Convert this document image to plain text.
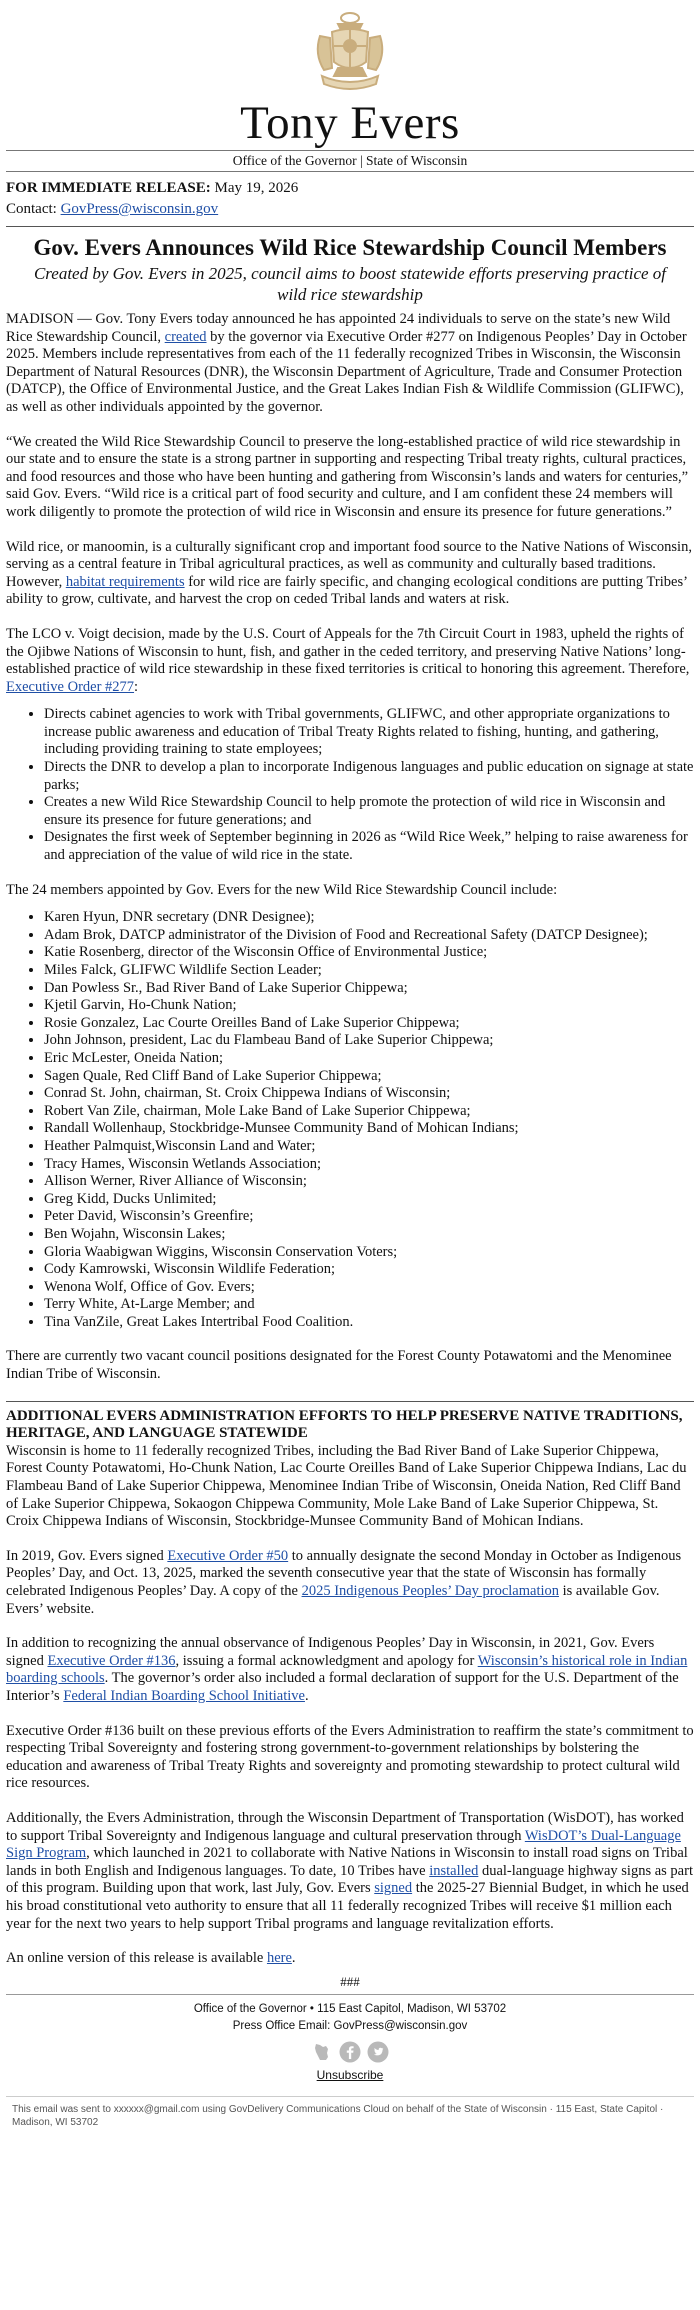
Tony Evers
Office of the Governor | State of Wisconsin
FOR IMMEDIATE RELEASE: May 19, 2026
Contact: GovPress@wisconsin.gov
Gov. Evers Announces Wild Rice Stewardship Council Members
Created by Gov. Evers in 2025, council aims to boost statewide efforts preserving practice of wild rice stewardship

MADISON — Gov. Tony Evers today announced he has appointed 24 individuals to serve on the state’s new Wild Rice Stewardship Council, created by the governor via Executive Order #277 on Indigenous Peoples’ Day in October 2025. Members include representatives from each of the 11 federally recognized Tribes in Wisconsin, the Wisconsin Department of Natural Resources (DNR), the Wisconsin Department of Agriculture, Trade and Consumer Protection (DATCP), the Office of Environmental Justice, and the Great Lakes Indian Fish & Wildlife Commission (GLIFWC), as well as other individuals appointed by the governor.

“We created the Wild Rice Stewardship Council to preserve the long-established practice of wild rice stewardship in our state and to ensure the state is a strong partner in supporting and respecting Tribal treaty rights, cultural practices, and food resources and those who have been hunting and gathering from Wisconsin’s lands and waters for centuries,” said Gov. Evers. “Wild rice is a critical part of food security and culture, and I am confident these 24 members will work diligently to promote the protection of wild rice in Wisconsin and ensure its presence for future generations.”

Wild rice, or manoomin, is a culturally significant crop and important food source to the Native Nations of Wisconsin, serving as a central feature in Tribal agricultural practices, as well as community and culturally based traditions. However, habitat requirements for wild rice are fairly specific, and changing ecological conditions are putting Tribes’ ability to grow, cultivate, and harvest the crop on ceded Tribal lands and waters at risk.

The LCO v. Voigt decision, made by the U.S. Court of Appeals for the 7th Circuit Court in 1983, upheld the rights of the Ojibwe Nations of Wisconsin to hunt, fish, and gather in the ceded territory, and preserving Native Nations’ long-established practice of wild rice stewardship in these fixed territories is critical to honoring this agreement. Therefore, Executive Order #277:

• Directs cabinet agencies to work with Tribal governments, GLIFWC, and other appropriate organizations to increase public awareness and education of Tribal Treaty Rights related to fishing, hunting, and gathering, including providing training to state employees;
• Directs the DNR to develop a plan to incorporate Indigenous languages and public education on signage at state parks;
• Creates a new Wild Rice Stewardship Council to help promote the protection of wild rice in Wisconsin and ensure its presence for future generations; and
• Designates the first week of September beginning in 2026 as “Wild Rice Week,” helping to raise awareness for and appreciation of the value of wild rice in the state.

The 24 members appointed by Gov. Evers for the new Wild Rice Stewardship Council include:

• Karen Hyun, DNR secretary (DNR Designee);
• Adam Brok, DATCP administrator of the Division of Food and Recreational Safety (DATCP Designee);
• Katie Rosenberg, director of the Wisconsin Office of Environmental Justice;
• Miles Falck, GLIFWC Wildlife Section Leader;
• Dan Powless Sr., Bad River Band of Lake Superior Chippewa;
• Kjetil Garvin, Ho-Chunk Nation;
• Rosie Gonzalez, Lac Courte Oreilles Band of Lake Superior Chippewa;
• John Johnson, president, Lac du Flambeau Band of Lake Superior Chippewa;
• Eric McLester, Oneida Nation;
• Sagen Quale, Red Cliff Band of Lake Superior Chippewa;
• Conrad St. John, chairman, St. Croix Chippewa Indians of Wisconsin;
• Robert Van Zile, chairman, Mole Lake Band of Lake Superior Chippewa;
• Randall Wollenhaup, Stockbridge-Munsee Community Band of Mohican Indians;
• Heather Palmquist,Wisconsin Land and Water;
• Tracy Hames, Wisconsin Wetlands Association;
• Allison Werner, River Alliance of Wisconsin;
• Greg Kidd, Ducks Unlimited;
• Peter David, Wisconsin’s Greenfire;
• Ben Wojahn, Wisconsin Lakes;
• Gloria Waabigwan Wiggins, Wisconsin Conservation Voters;
• Cody Kamrowski, Wisconsin Wildlife Federation;
• Wenona Wolf, Office of Gov. Evers;
• Terry White, At-Large Member; and
• Tina VanZile, Great Lakes Intertribal Food Coalition.

There are currently two vacant council positions designated for the Forest County Potawatomi and the Menominee Indian Tribe of Wisconsin.

ADDITIONAL EVERS ADMINISTRATION EFFORTS TO HELP PRESERVE NATIVE TRADITIONS, HERITAGE, AND LANGUAGE STATEWIDE

Wisconsin is home to 11 federally recognized Tribes, including the Bad River Band of Lake Superior Chippewa, Forest County Potawatomi, Ho-Chunk Nation, Lac Courte Oreilles Band of Lake Superior Chippewa Indians, Lac du Flambeau Band of Lake Superior Chippewa, Menominee Indian Tribe of Wisconsin, Oneida Nation, Red Cliff Band of Lake Superior Chippewa, Sokaogon Chippewa Community, Mole Lake Band of Lake Superior Chippewa, St. Croix Chippewa Indians of Wisconsin, Stockbridge-Munsee Community Band of Mohican Indians.

In 2019, Gov. Evers signed Executive Order #50 to annually designate the second Monday in October as Indigenous Peoples’ Day, and Oct. 13, 2025, marked the seventh consecutive year that the state of Wisconsin has formally celebrated Indigenous Peoples’ Day. A copy of the 2025 Indigenous Peoples’ Day proclamation is available Gov. Evers’ website.

In addition to recognizing the annual observance of Indigenous Peoples’ Day in Wisconsin, in 2021, Gov. Evers signed Executive Order #136, issuing a formal acknowledgment and apology for Wisconsin’s historical role in Indian boarding schools. The governor’s order also included a formal declaration of support for the U.S. Department of the Interior’s Federal Indian Boarding School Initiative.

Executive Order #136 built on these previous efforts of the Evers Administration to reaffirm the state’s commitment to respecting Tribal Sovereignty and fostering strong government-to-government relationships by bolstering the education and awareness of Tribal Treaty Rights and sovereignty and promoting stewardship to protect cultural wild rice resources.

Additionally, the Evers Administration, through the Wisconsin Department of Transportation (WisDOT), has worked to support Tribal Sovereignty and Indigenous language and cultural preservation through WisDOT’s Dual-Language Sign Program, which launched in 2021 to collaborate with Native Nations in Wisconsin to install road signs on Tribal lands in both English and Indigenous languages. To date, 10 Tribes have installed dual-language highway signs as part of this program. Building upon that work, last July, Gov. Evers signed the 2025-27 Biennial Budget, in which he used his broad constitutional veto authority to ensure that all 11 federally recognized Tribes will receive $1 million each year for the next two years to help support Tribal programs and language revitalization efforts.

An online version of this release is available here.

###
Office of the Governor • 115 East Capitol, Madison, WI 53702
Press Office Email: GovPress@wisconsin.gov
Unsubscribe
This email was sent to xxxxxx@gmail.com using GovDelivery Communications Cloud on behalf of the State of Wisconsin · 115 East, State Capitol · Madison, WI 53702
